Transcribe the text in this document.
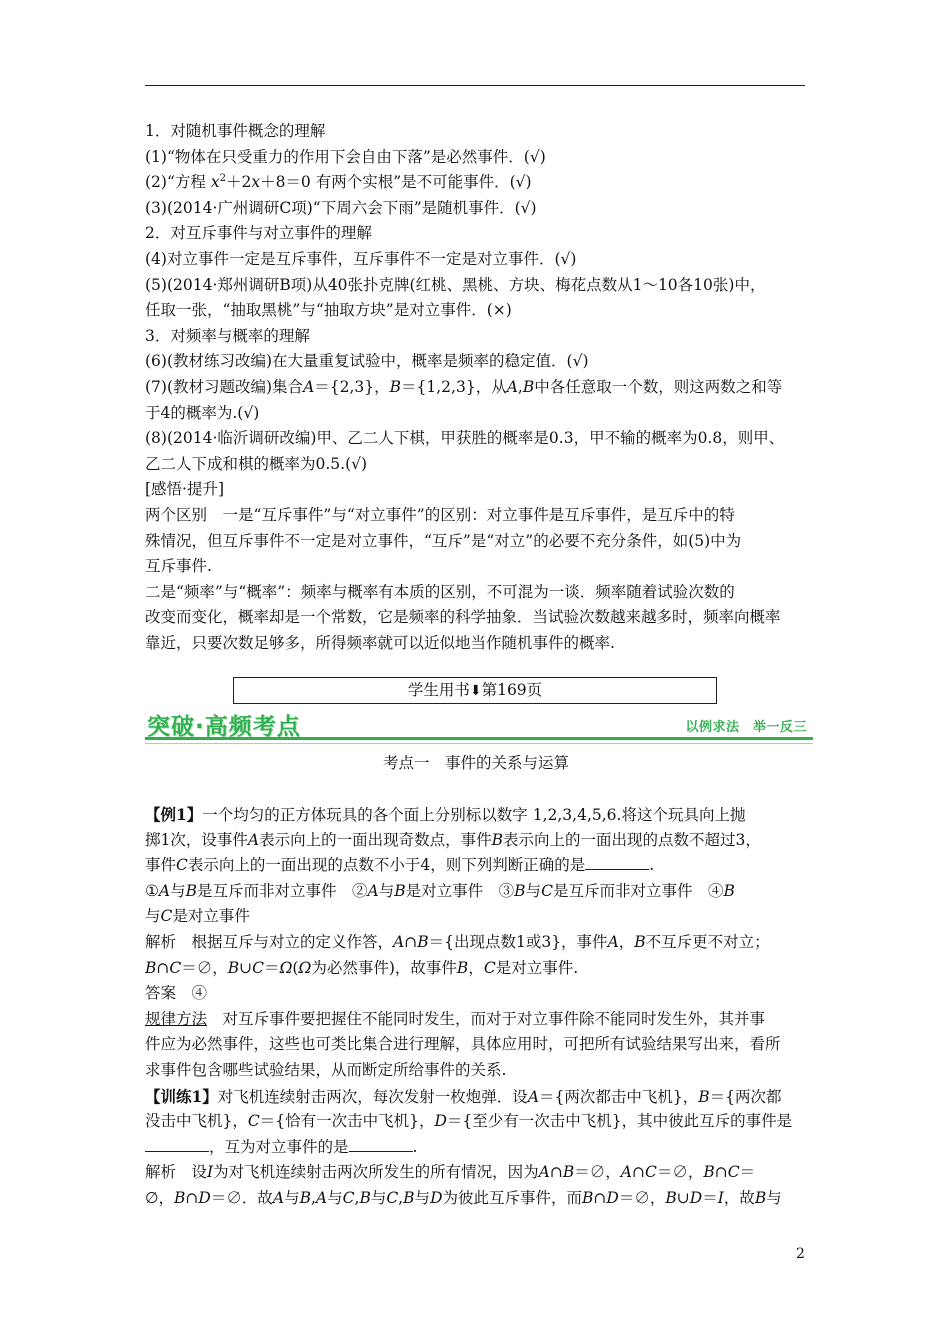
1．对随机事件概念的理解
(1)“物体在只受重力的作用下会自由下落”是必然事件．(√)
(2)“方程 $x^2+2x+8=0$ 有两个实根”是不可能事件．(√)
(3)(2014·广州调研C项)“下周六会下雨”是随机事件．(√)
2．对互斥事件与对立事件的理解
(4)对立事件一定是互斥事件，互斥事件不一定是对立事件．(√)
(5)(2014·郑州调研B项)从40张扑克牌(红桃、黑桃、方块、梅花点数从1～10各10张)中，
任取一张，“抽取黑桃”与“抽取方块”是对立事件．(×)
3．对频率与概率的理解
(6)(教材练习改编)在大量重复试验中，概率是频率的稳定值．(√)
(7)(教材习题改编)集合A＝{2,3}，B＝{1,2,3}，从A,B中各任意取一个数，则这两数之和等
于4的概率为.(√)
(8)(2014·临沂调研改编)甲、乙二人下棋，甲获胜的概率是0.3，甲不输的概率为0.8，则甲、
乙二人下成和棋的概率为0.5.(√)
[感悟·提升]
两个区别　一是“互斥事件”与“对立事件”的区别：对立事件是互斥事件，是互斥中的特
殊情况，但互斥事件不一定是对立事件，“互斥”是“对立”的必要不充分条件，如(5)中为
互斥事件.
二是“频率”与“概率”：频率与概率有本质的区别，不可混为一谈．频率随着试验次数的
改变而变化，概率却是一个常数，它是频率的科学抽象．当试验次数越来越多时，频率向概率
靠近，只要次数足够多，所得频率就可以近似地当作随机事件的概率.
学生用书⬇第169页
突破·高频考点	以例求法　举一反三
考点一　事件的关系与运算
【例1】一个均匀的正方体玩具的各个面上分别标以数字 1,2,3,4,5,6.将这个玩具向上抛
掷1次，设事件A表示向上的一面出现奇数点，事件B表示向上的一面出现的点数不超过3，
事件C表示向上的一面出现的点数不小于4，则下列判断正确的是	.
①A与B是互斥而非对立事件　②A与B是对立事件　③B与C是互斥而非对立事件　④B
与C是对立事件
解析　根据互斥与对立的定义作答，A∩B＝{出现点数1或3}，事件A，B不互斥更不对立；
B∩C＝∅，B∪C＝Ω(Ω为必然事件)，故事件B，C是对立事件.
答案　④
规律方法　 对互斥事件要把握住不能同时发生，而对于对立事件除不能同时发生外，其并事
件应为必然事件，这些也可类比集合进行理解，具体应用时，可把所有试验结果写出来，看所
求事件包含哪些试验结果，从而断定所给事件的关系.
【训练1】对飞机连续射击两次，每次发射一枚炮弹．设A＝{两次都击中飞机}，B＝{两次都
没击中飞机}，C＝{恰有一次击中飞机}，D＝{至少有一次击中飞机}，其中彼此互斥的事件是
，互为对立事件的是	.
解析　设I为对飞机连续射击两次所发生的所有情况，因为A∩B＝∅，A∩C＝∅，B∩C＝
∅，B∩D＝∅．故A与B,A与C,B与C,B与D为彼此互斥事件，而B∩D＝∅，B∪D＝I，故B与
2
